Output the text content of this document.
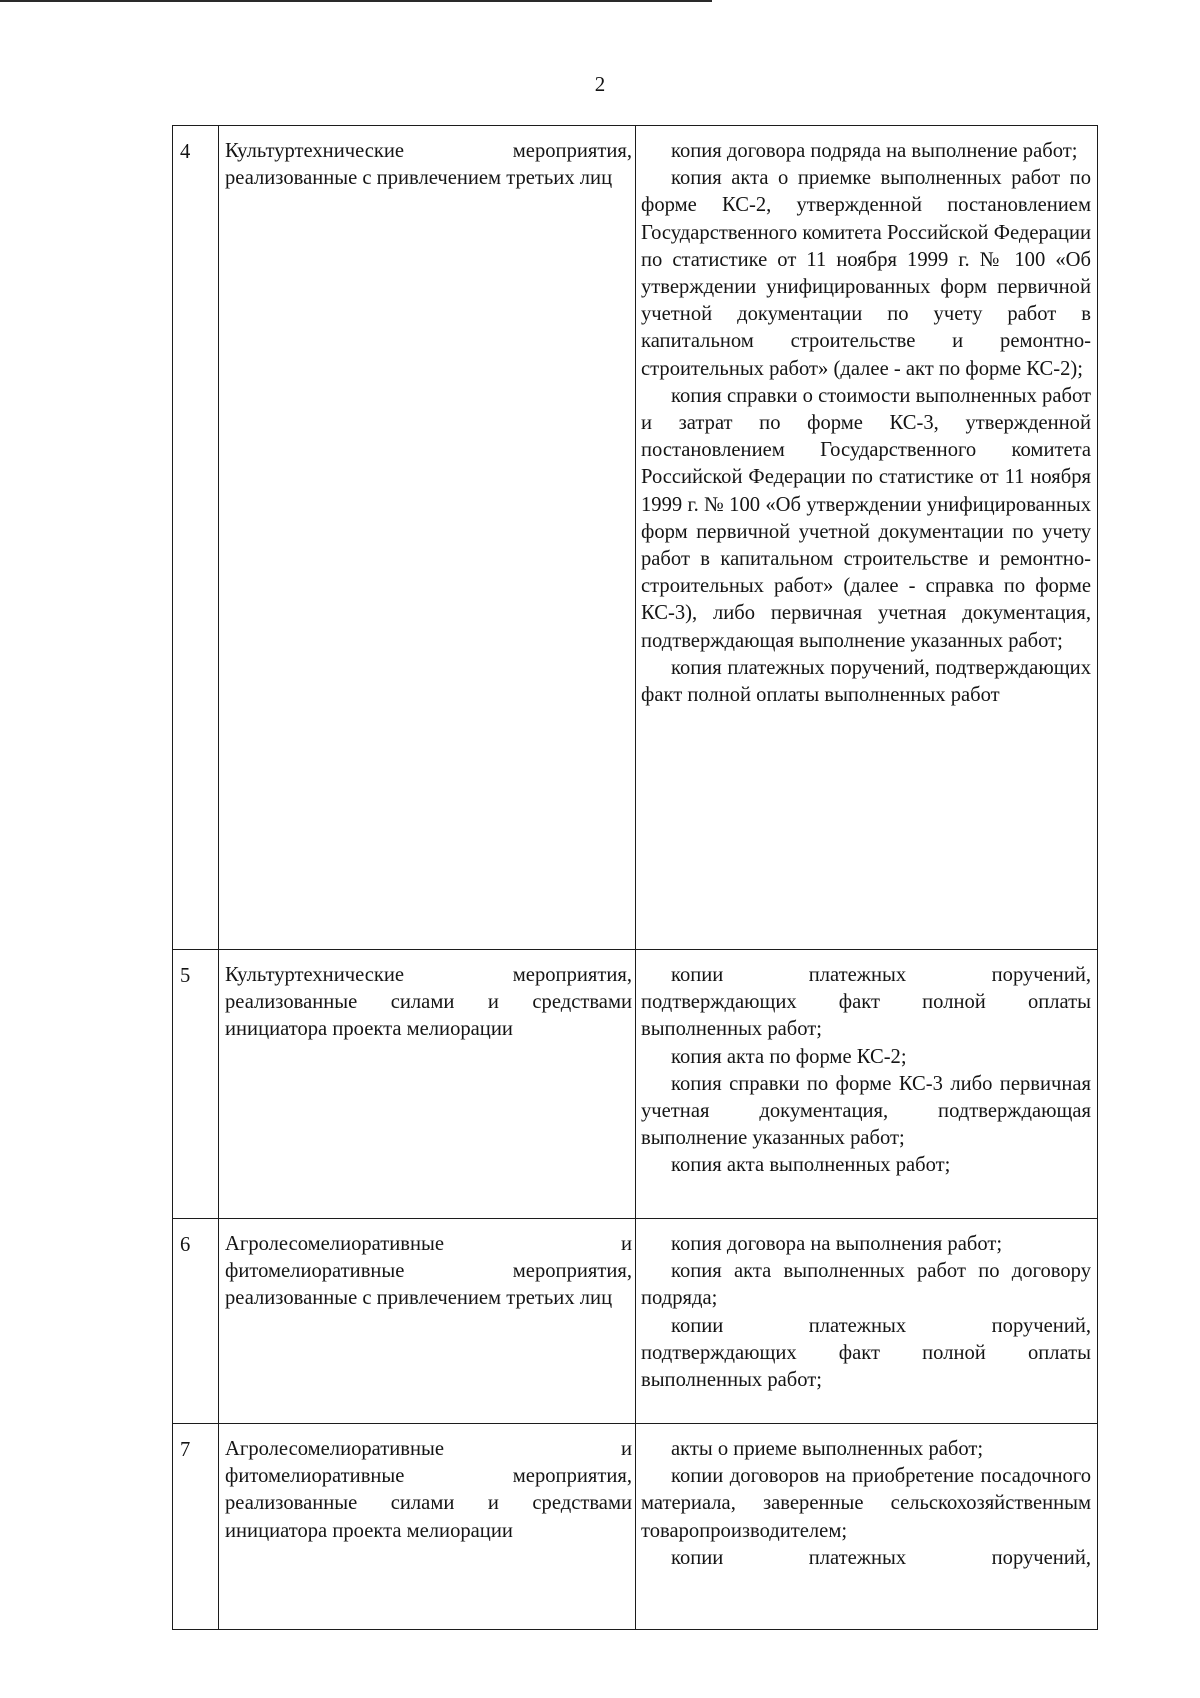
2
4	Культуртехнические мероприятия, реализованные с привлечением третьих лиц	копия договора подряда на выполнение работ;

копия акта о приемке выполненных работ по форме КС-2, утвержденной постановлением Государственного комитета Российской Федерации по статистике от 11 ноября 1999 г. № 100 «Об утверждении унифицированных форм первичной учетной документации по учету работ в капитальном строительстве и ремонтно-строительных работ» (далее - акт по форме КС-2);

копия справки о стоимости выполненных работ и затрат по форме КС-3, утвержденной постановлением Государственного комитета Российской Федерации по статистике от 11 ноября 1999 г. № 100 «Об утверждении унифицированных форм первичной учетной документации по учету работ в капитальном строительстве и ремонтно-строительных работ» (далее - справка по форме КС-3), либо первичная учетная документация, подтверждающая выполнение указанных работ;

копия платежных поручений, подтверждающих факт полной оплаты выполненных работ

5	Культуртехнические мероприятия, реализованные силами и средствами инициатора проекта мелиорации	копии платежных поручений, подтверждающих факт полной оплаты выполненных работ;

копия акта по форме КС-2;

копия справки по форме КС-3 либо первичная учетная документация, подтверждающая выполнение указанных работ;

копия акта выполненных работ;

6	Агролесомелиоративные и фитомелиоративные мероприятия, реализованные с привлечением третьих лиц	копия договора на выполнения работ;

копия акта выполненных работ по договору подряда;

копии платежных поручений, подтверждающих факт полной оплаты выполненных работ;

7	Агролесомелиоративные и фитомелиоративные мероприятия, реализованные силами и средствами инициатора проекта мелиорации	акты о приеме выполненных работ;

копии договоров на приобретение посадочного материала, заверенные сельскохозяйственным товаропроизводителем;

копии платежных поручений,
